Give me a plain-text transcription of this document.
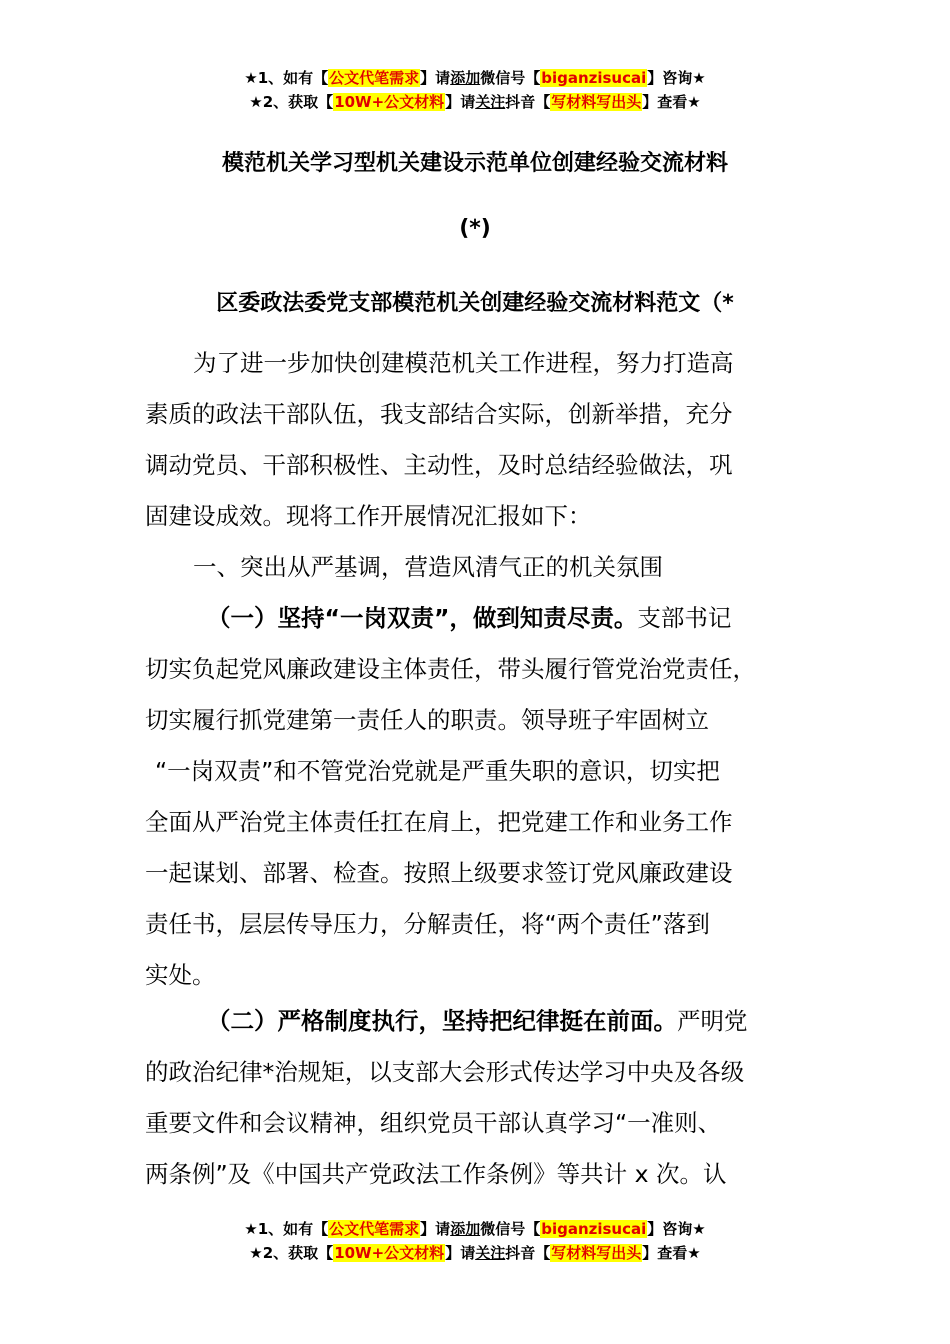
★1、如有【公文代笔需求】请添加微信号【biganzisucai】咨询★
★2、获取【10W+公文材料】请关注抖音【写材料写出头】查看★
模范机关学习型机关建设示范单位创建经验交流材料
(*)
区委政法委党支部模范机关创建经验交流材料范文（*

为了进一步加快创建模范机关工作进程，努力打造高

素质的政法干部队伍，我支部结合实际，创新举措，充分

调动党员、干部积极性、主动性，及时总结经验做法，巩

固建设成效。现将工作开展情况汇报如下：

一、突出从严基调，营造风清气正的机关氛围

（一）坚持“一岗双责”，做到知责尽责。支部书记

切实负起党风廉政建设主体责任，带头履行管党治党责任，

切实履行抓党建第一责任人的职责。领导班子牢固树立

“一岗双责”和不管党治党就是严重失职的意识，切实把

全面从严治党主体责任扛在肩上，把党建工作和业务工作

一起谋划、部署、检查。按照上级要求签订党风廉政建设

责任书，层层传导压力，分解责任，将“两个责任”落到

实处。

（二）严格制度执行，坚持把纪律挺在前面。严明党

的政治纪律*治规矩，以支部大会形式传达学习中央及各级

重要文件和会议精神，组织党员干部认真学习“一准则、

两条例”及《中国共产党政法工作条例》等共计 x 次。认

★1、如有【公文代笔需求】请添加微信号【biganzisucai】咨询★
★2、获取【10W+公文材料】请关注抖音【写材料写出头】查看★
